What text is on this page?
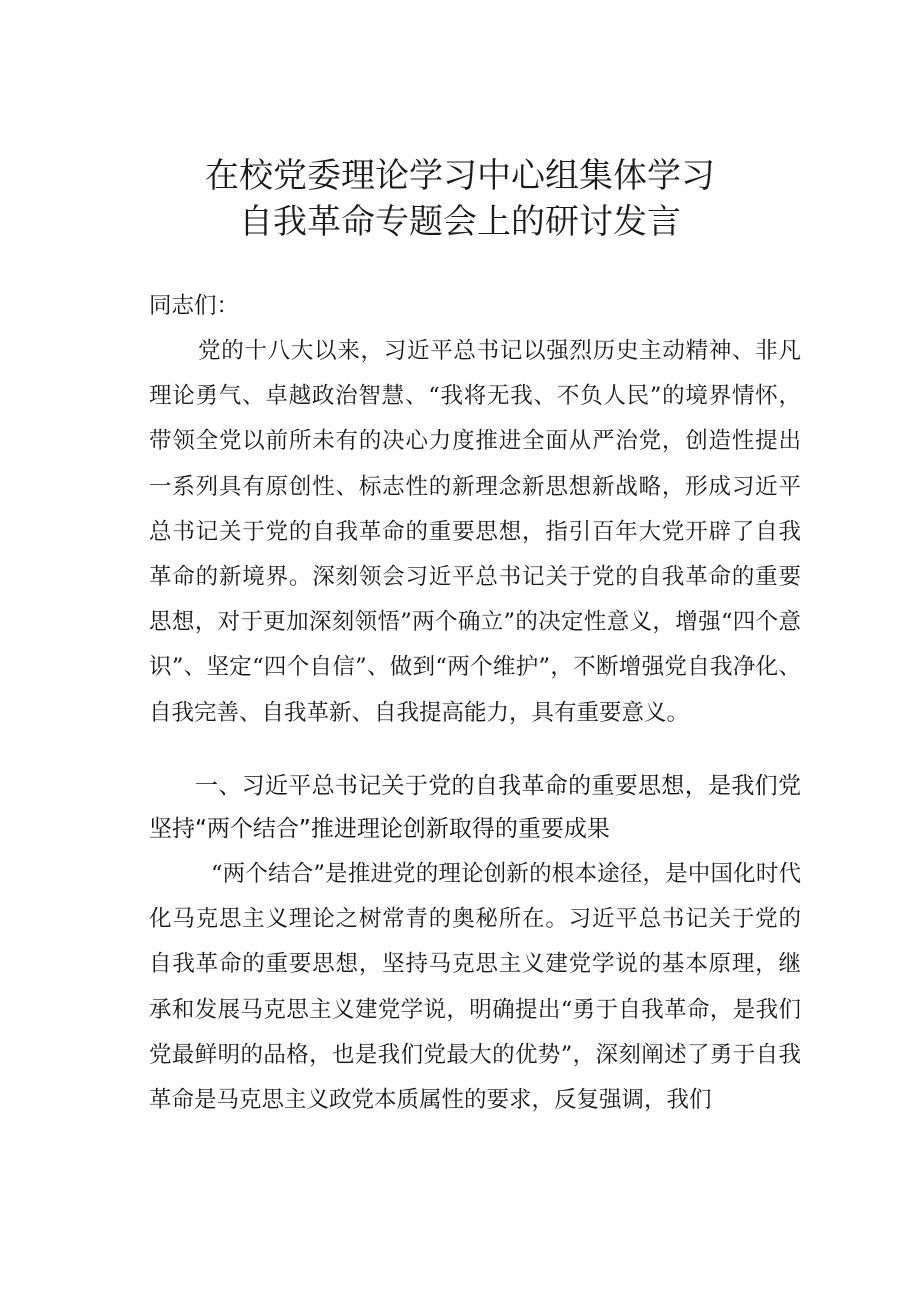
在校党委理论学习中心组集体学习
自我革命专题会上的研讨发言

同志们：

党的十八大以来，习近平总书记以强烈历史主动精神、非凡理论勇气、卓越政治智慧、“我将无我、不负人民”的境界情怀，带领全党以前所未有的决心力度推进全面从严治党，创造性提出一系列具有原创性、标志性的新理念新思想新战略，形成习近平总书记关于党的自我革命的重要思想，指引百年大党开辟了自我革命的新境界。深刻领会习近平总书记关于党的自我革命的重要思想，对于更加深刻领悟”两个确立”的决定性意义，增强“四个意识”、坚定“四个自信”、做到“两个维护”，不断增强党自我净化、自我完善、自我革新、自我提高能力，具有重要意义。

一、习近平总书记关于党的自我革命的重要思想，是我们党坚持“两个结合”推进理论创新取得的重要成果

“两个结合”是推进党的理论创新的根本途径，是中国化时代化马克思主义理论之树常青的奥秘所在。习近平总书记关于党的自我革命的重要思想，坚持马克思主义建党学说的基本原理，继承和发展马克思主义建党学说，明确提出“勇于自我革命，是我们党最鲜明的品格，也是我们党最大的优势”，深刻阐述了勇于自我革命是马克思主义政党本质属性的要求，反复强调，我们
